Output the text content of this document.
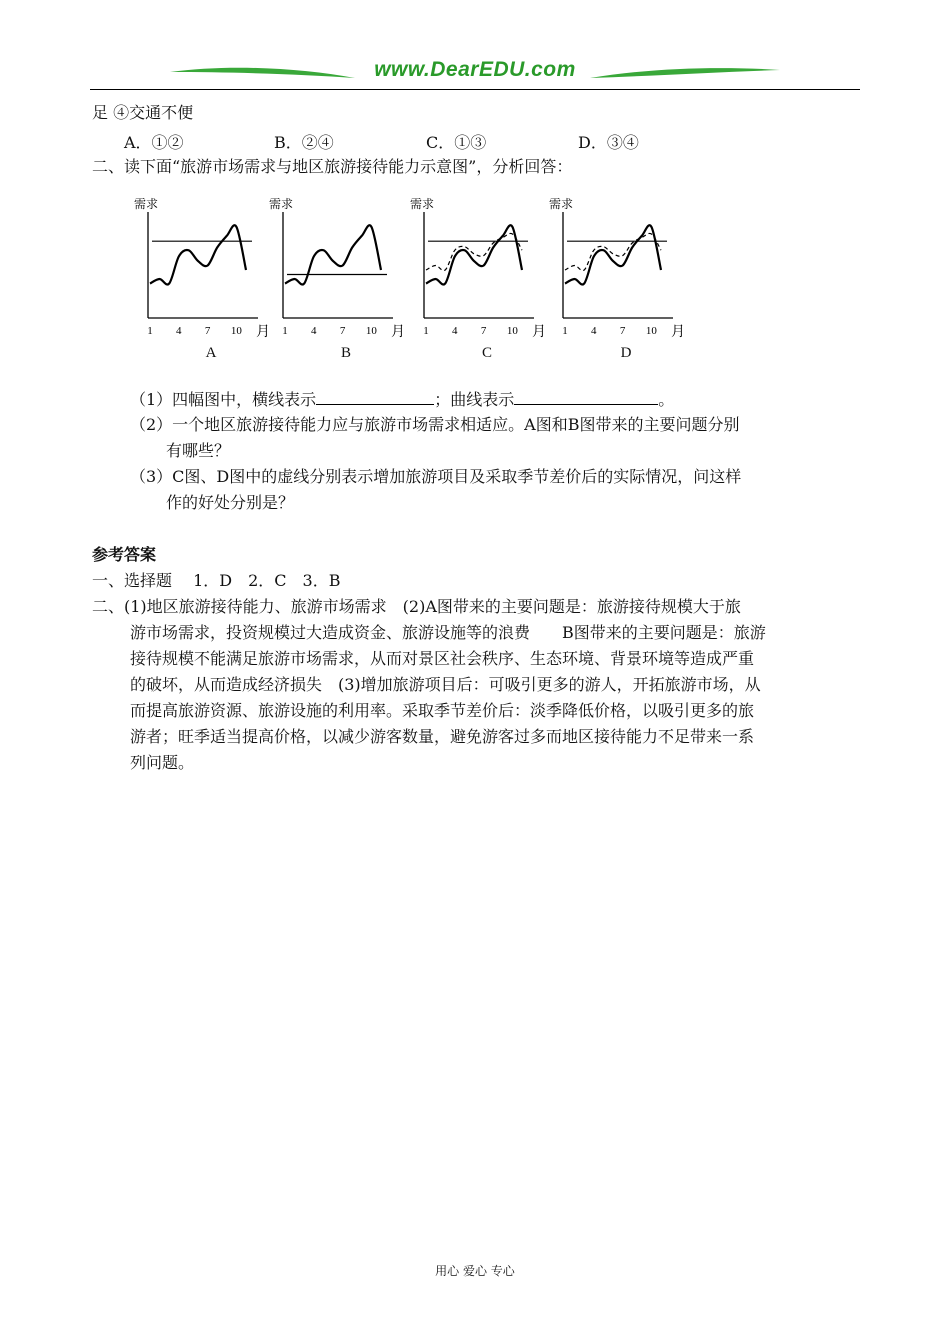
www.DearEDU.com
足 ④交通不便
A．①②	B．②④	C．①③	D．③④
二、读下面“旅游市场需求与地区旅游接待能力示意图”，分析回答：
需求
1 4 7 10 月
A
需求
1 4 7 10 月
B
需求
1 4 7 10 月
C
需求
1 4 7 10 月
D
（1）四幅图中，横线表示	；曲线表示	。
（2）一个地区旅游接待能力应与旅游市场需求相适应。A图和B图带来的主要问题分别
有哪些？
（3）C图、D图中的虚线分别表示增加旅游项目及采取季节差价后的实际情况，问这样
作的好处分别是？
参考答案
一、选择题　 1．D　2．C　3．B
二、(1)地区旅游接待能力、旅游市场需求　(2)A图带来的主要问题是：旅游接待规模大于旅
游市场需求，投资规模过大造成资金、旅游设施等的浪费　　B图带来的主要问题是：旅游
接待规模不能满足旅游市场需求，从而对景区社会秩序、生态环境、背景环境等造成严重
的破坏，从而造成经济损失　(3)增加旅游项目后：可吸引更多的游人，开拓旅游市场，从
而提高旅游资源、旅游设施的利用率。采取季节差价后：淡季降低价格，以吸引更多的旅
游者；旺季适当提高价格，以减少游客数量，避免游客过多而地区接待能力不足带来一系
列问题。
用心 爱心 专心
